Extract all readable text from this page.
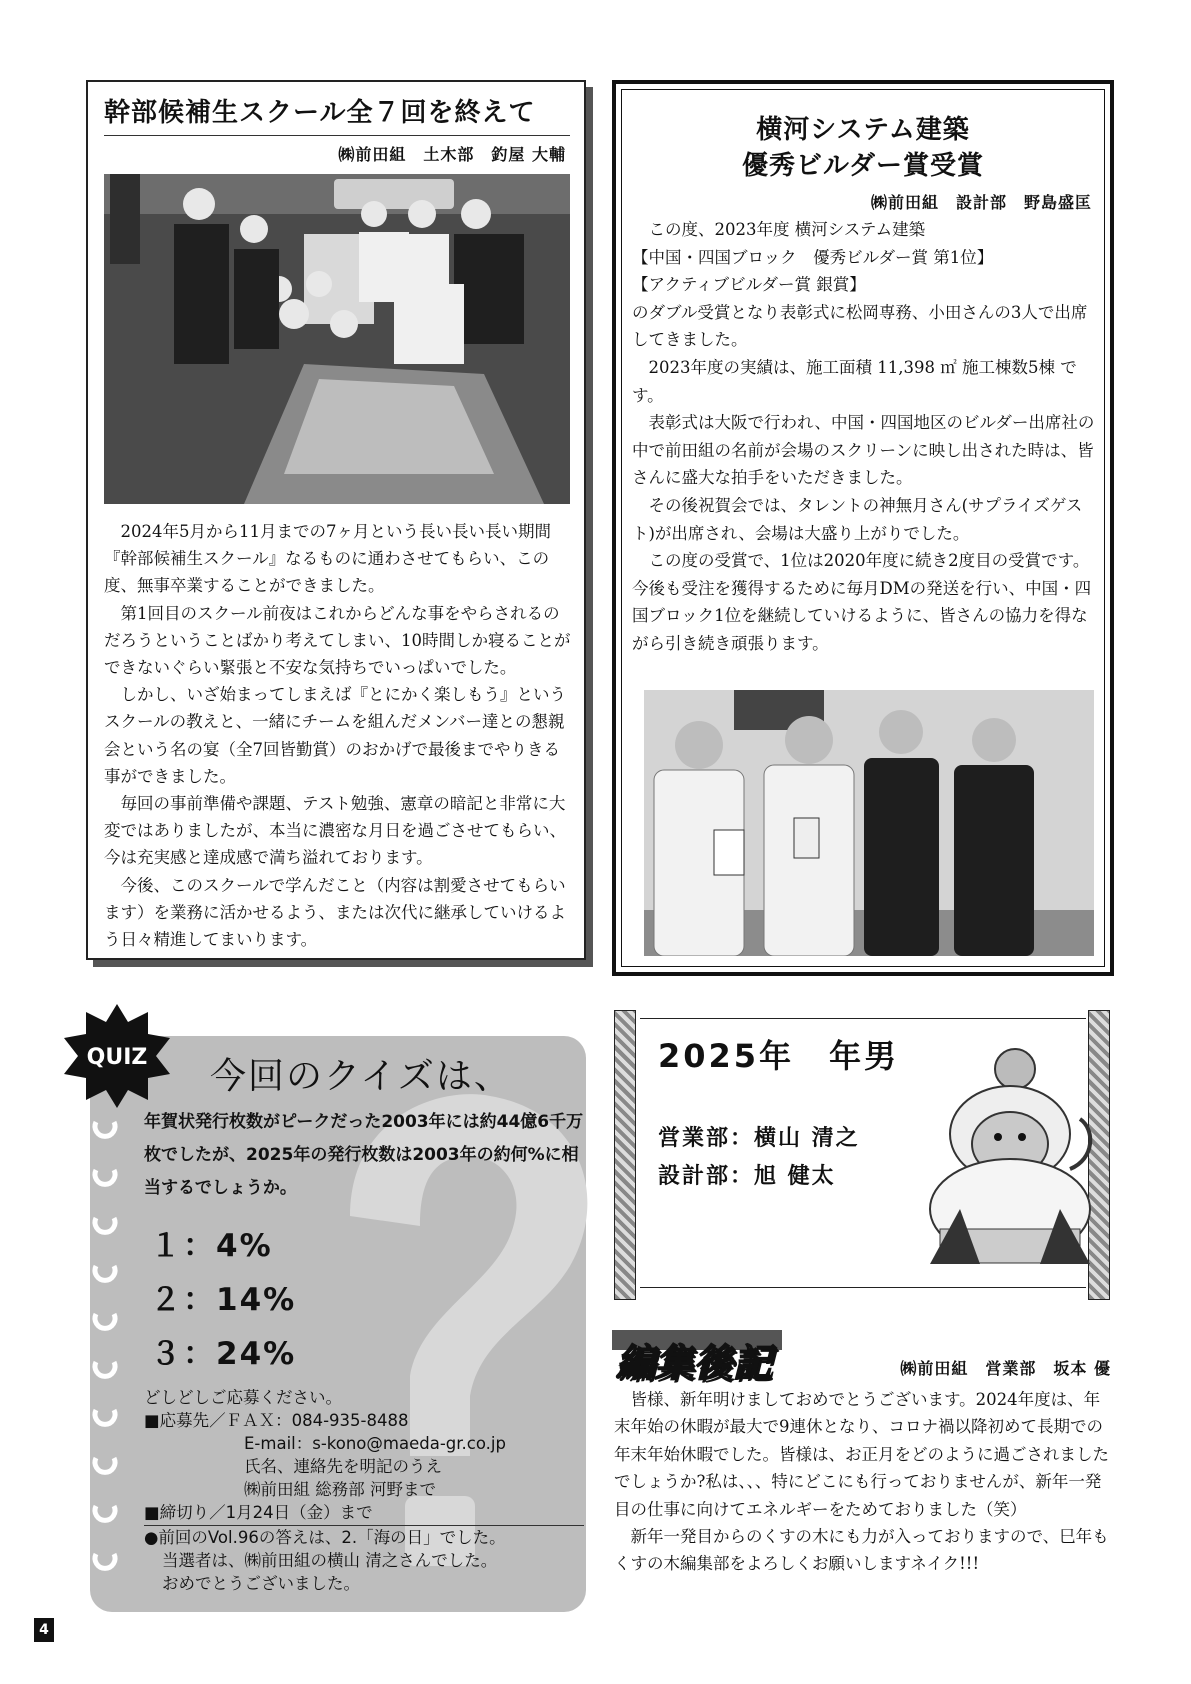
幹部候補生スクール全７回を終えて
㈱前田組　土木部　釣屋 大輔

2024年5月から11月までの7ヶ月という長い長い長い期間『幹部候補生スクール』なるものに通わさせてもらい、この度、無事卒業することができました。

第1回目のスクール前夜はこれからどんな事をやらされるのだろうということばかり考えてしまい、10時間しか寝ることができないぐらい緊張と不安な気持ちでいっぱいでした。

しかし、いざ始まってしまえば『とにかく楽しもう』というスクールの教えと、一緒にチームを組んだメンバー達との懇親会という名の宴（全7回皆勤賞）のおかげで最後までやりきる事ができました。

毎回の事前準備や課題、テスト勉強、憲章の暗記と非常に大変ではありましたが、本当に濃密な月日を過ごさせてもらい、今は充実感と達成感で満ち溢れております。

今後、このスクールで学んだこと（内容は割愛させてもらいます）を業務に活かせるよう、または次代に継承していけるよう日々精進してまいります。

横河システム建築
優秀ビルダー賞受賞
㈱前田組　設計部　野島盛匡

この度、2023年度 横河システム建築

【中国・四国ブロック　優秀ビルダー賞 第1位】

【アクティブビルダー賞 銀賞】

のダブル受賞となり表彰式に松岡専務、小田さんの3人で出席してきました。

2023年度の実績は、施工面積 11,398 ㎡ 施工棟数5棟 です。

表彰式は大阪で行われ、中国・四国地区のビルダー出席社の中で前田組の名前が会場のスクリーンに映し出された時は、皆さんに盛大な拍手をいただきました。

その後祝賀会では、タレントの神無月さん(サプライズゲスト)が出席され、会場は大盛り上がりでした。

この度の受賞で、1位は2020年度に続き2度目の受賞です。今後も受注を獲得するために毎月DMの発送を行い、中国・四国ブロック1位を継続していけるように、皆さんの協力を得ながら引き続き頑張ります。

QUIZ 今回のクイズは、
年賀状発行枚数がピークだった2003年には約44億6千万枚でしたが、2025年の発行枚数は2003年の約何%に相当するでしょうか。
１：4%
２：14%
３：24%
どしどしご応募ください。
■応募先／ＦＡＸ：084-935-8488
E-mail：s-kono@maeda-gr.co.jp
氏名、連絡先を明記のうえ
㈱前田組 総務部 河野まで
■締切り／1月24日（金）まで
●前回のVol.96の答えは、2.「海の日」でした。
当選者は、㈱前田組の横山 清之さんでした。
おめでとうございました。
2025年　年男
営業部：横山 清之
設計部：旭 健太
編集後記	㈱前田組　営業部　坂本 優

皆様、新年明けましておめでとうございます。2024年度は、年末年始の休暇が最大で9連休となり、コロナ禍以降初めて長期での年末年始休暇でした。皆様は、お正月をどのように過ごされましたでしょうか?私は、、、特にどこにも行っておりませんが、新年一発目の仕事に向けてエネルギーをためておりました（笑）

新年一発目からのくすの木にも力が入っておりますので、巳年もくすの木編集部をよろしくお願いしますネイク!!!

4
